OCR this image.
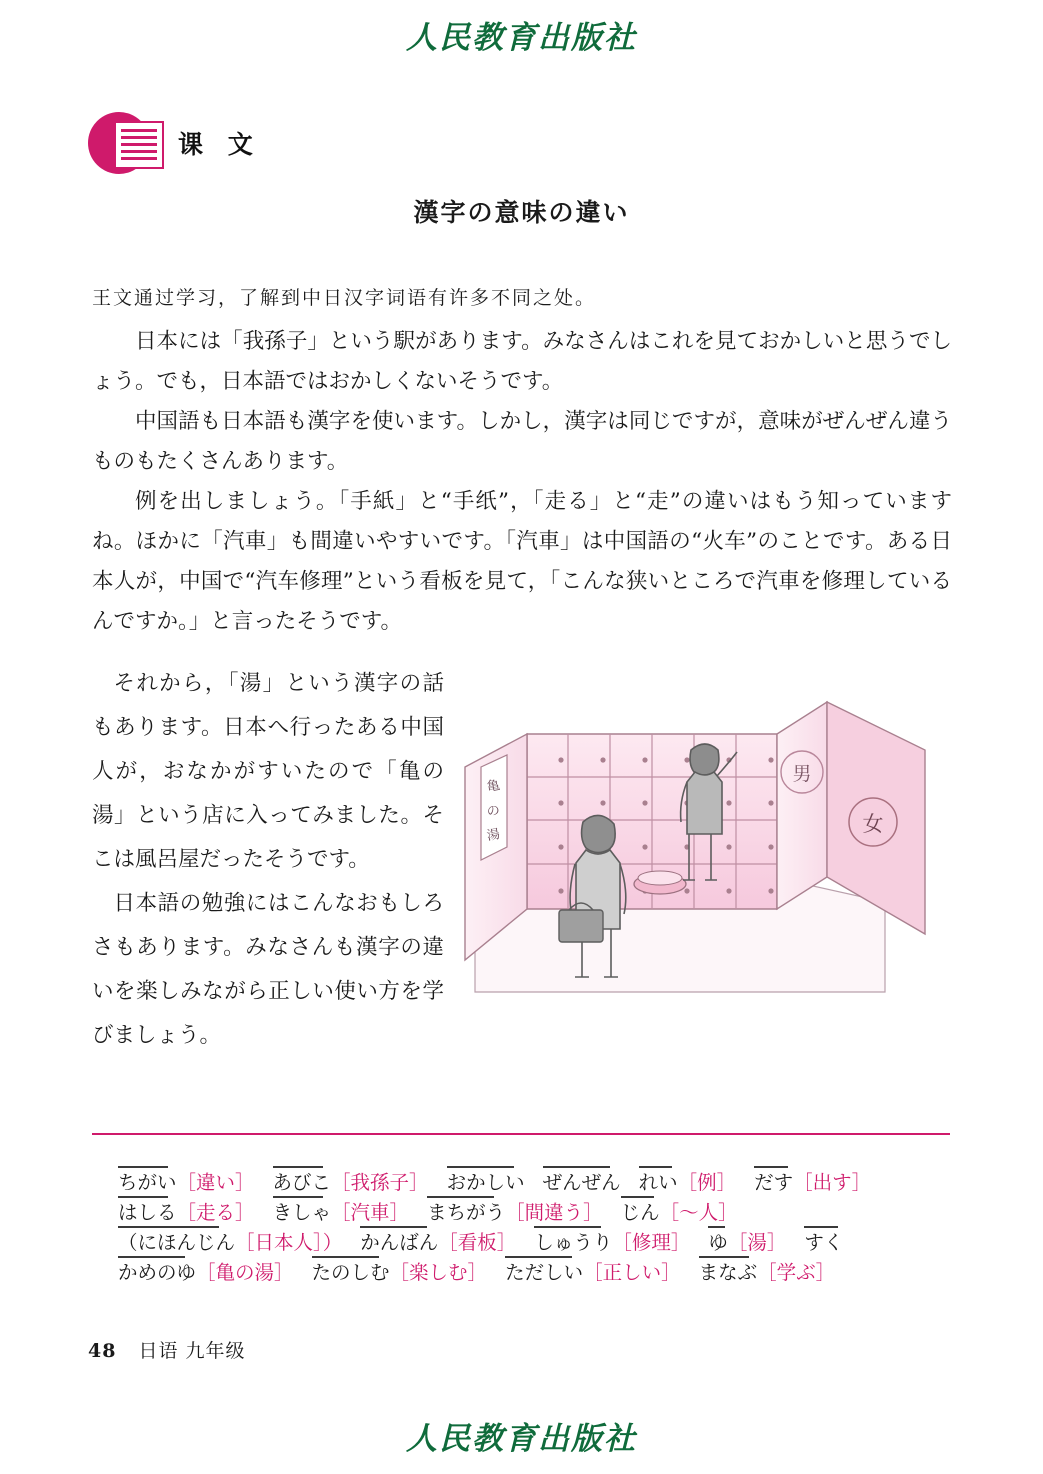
人民教育出版社
课 文
漢字の意味の違い
王文通过学习，了解到中日汉字词语有许多不同之处。

日本には「我孫子」という駅があります。みなさんはこれを見ておかしいと思うでしょう。でも，日本語ではおかしくないそうです。

中国語も日本語も漢字を使います。しかし，漢字は同じですが，意味がぜんぜん違うものもたくさんあります。

例を出しましょう。「手紙」と“手纸”，「走る」と“走”の違いはもう知っていますね。ほかに「汽車」も間違いやすいです。「汽車」は中国語の“火车”のことです。ある日本人が，中国で“汽车修理”という看板を見て，「こんな狭いところで汽車を修理しているんですか。」と言ったそうです。

それから，「湯」という漢字の話もあります。日本へ行ったある中国人が，おなかがすいたので「亀の湯」という店に入ってみました。そこは風呂屋だったそうです。

日本語の勉強にはこんなおもしろさもあります。みなさんも漢字の違いを楽しみながら正しい使い方を学びましょう。

亀
の
湯
男
女
ちがい［違い］ あびこ［我孫子］ おかしい ぜんぜん れい［例］ だす［出す］
はしる［走る］ きしゃ［汽車］ まちがう［間違う］ じん［〜人］
（にほんじん［日本人］） かんばん［看板］ しゅうり［修理］ ゆ［湯］ すく
かめのゆ［亀の湯］ たのしむ［楽しむ］ ただしい［正しい］ まなぶ［学ぶ］
48 日语 九年级
人民教育出版社
